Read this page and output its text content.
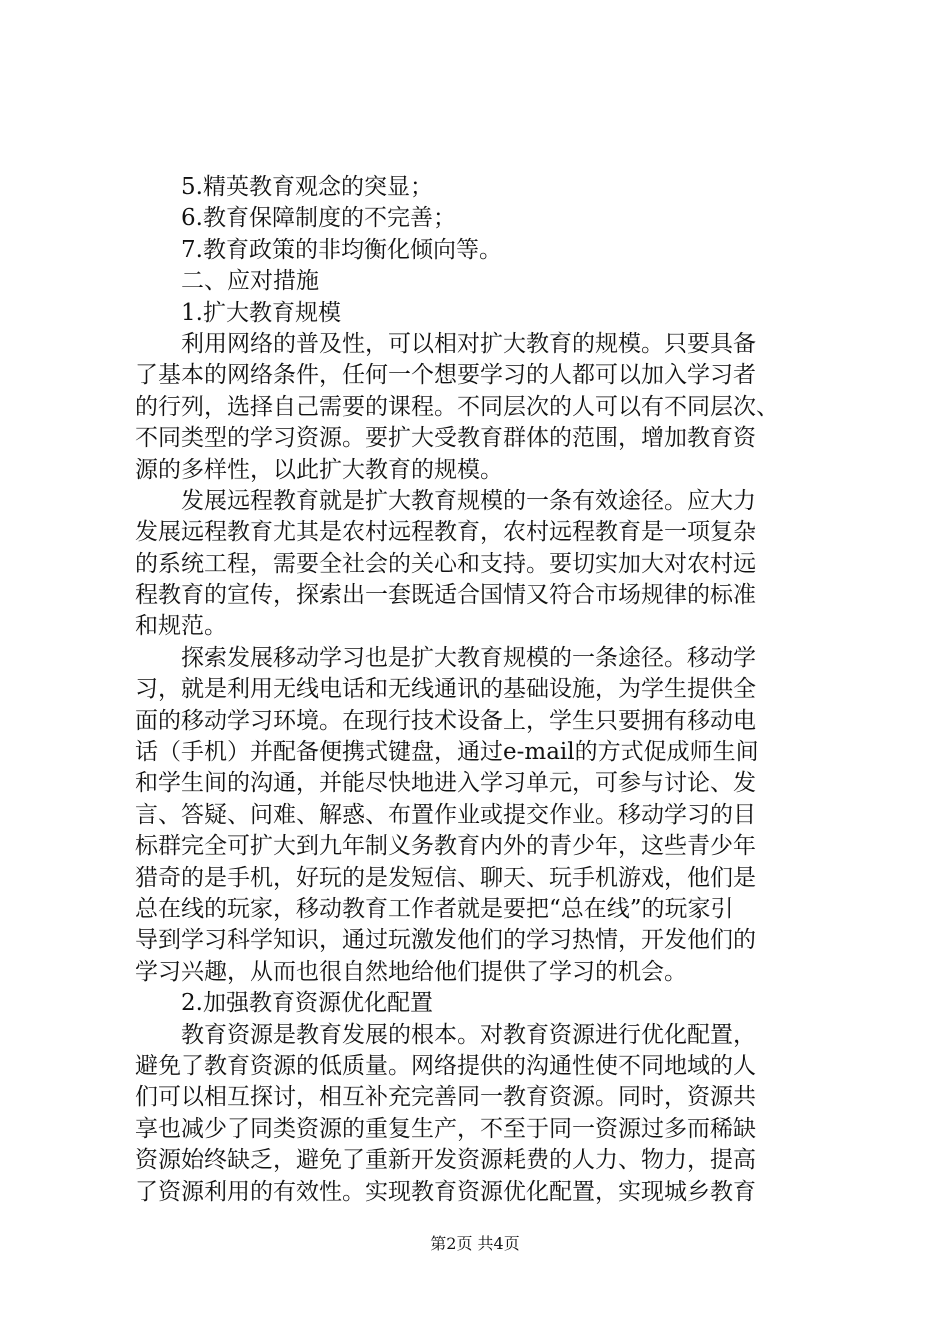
5.精英教育观念的突显；
6.教育保障制度的不完善；
7.教育政策的非均衡化倾向等。
二、应对措施
1.扩大教育规模
利用网络的普及性，可以相对扩大教育的规模。只要具备
了基本的网络条件，任何一个想要学习的人都可以加入学习者
的行列，选择自己需要的课程。不同层次的人可以有不同层次、
不同类型的学习资源。要扩大受教育群体的范围，增加教育资
源的多样性，以此扩大教育的规模。
发展远程教育就是扩大教育规模的一条有效途径。应大力
发展远程教育尤其是农村远程教育，农村远程教育是一项复杂
的系统工程，需要全社会的关心和支持。要切实加大对农村远
程教育的宣传，探索出一套既适合国情又符合市场规律的标准
和规范。
探索发展移动学习也是扩大教育规模的一条途径。移动学
习，就是利用无线电话和无线通讯的基础设施，为学生提供全
面的移动学习环境。在现行技术设备上，学生只要拥有移动电
话（手机）并配备便携式键盘，通过e-mail的方式促成师生间
和学生间的沟通，并能尽快地进入学习单元，可参与讨论、发
言、答疑、问难、解惑、布置作业或提交作业。移动学习的目
标群完全可扩大到九年制义务教育内外的青少年，这些青少年
猎奇的是手机，好玩的是发短信、聊天、玩手机游戏，他们是
总在线的玩家，移动教育工作者就是要把“总在线”的玩家引
导到学习科学知识，通过玩激发他们的学习热情，开发他们的
学习兴趣，从而也很自然地给他们提供了学习的机会。
2.加强教育资源优化配置
教育资源是教育发展的根本。对教育资源进行优化配置，
避免了教育资源的低质量。网络提供的沟通性使不同地域的人
们可以相互探讨，相互补充完善同一教育资源。同时，资源共
享也减少了同类资源的重复生产，不至于同一资源过多而稀缺
资源始终缺乏，避免了重新开发资源耗费的人力、物力，提高
了资源利用的有效性。实现教育资源优化配置，实现城乡教育
第2页 共4页
